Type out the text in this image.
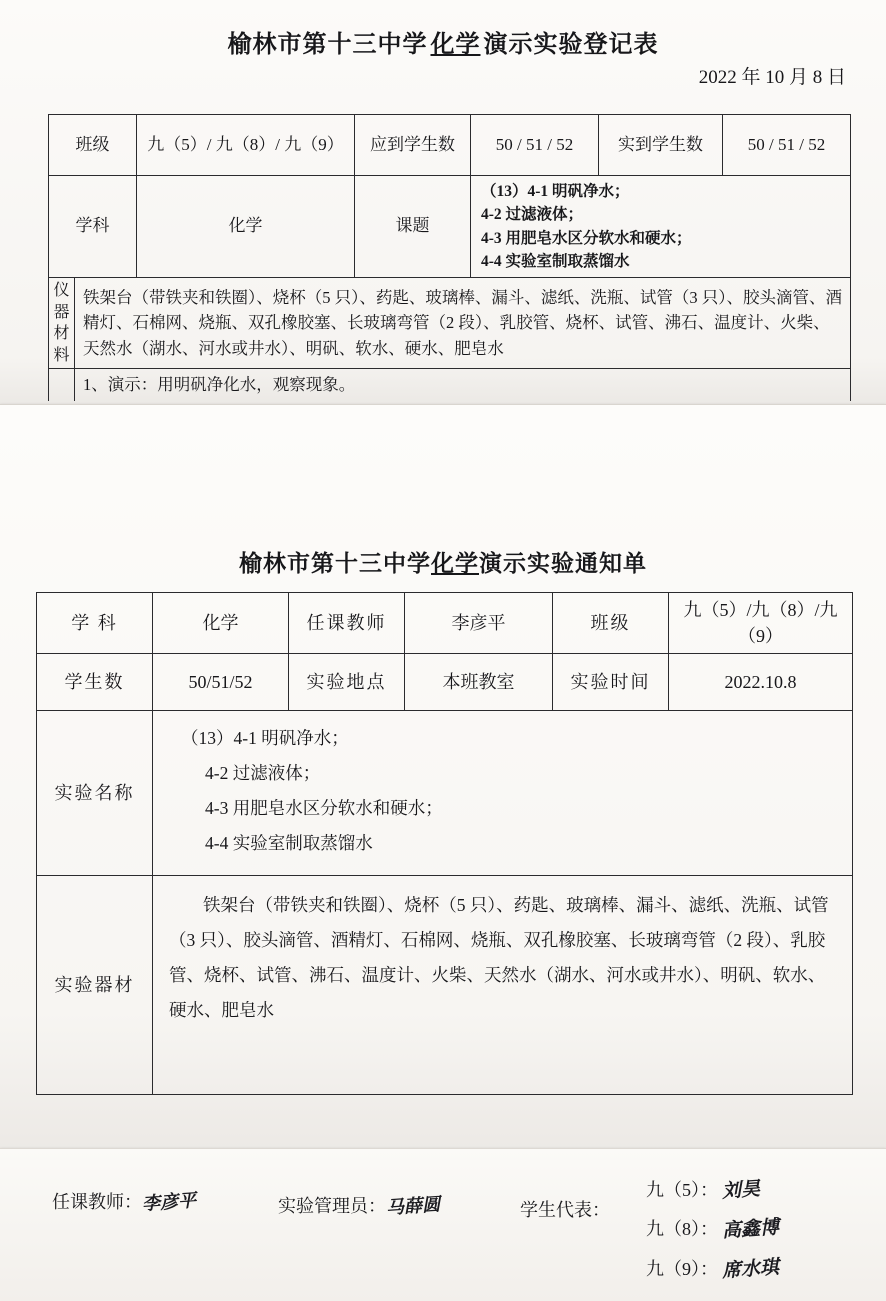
榆林市第十三中学 化学 演示实验登记表
2022 年 10 月 8 日
班级		九（5）/ 九（8）/ 九（9）	应到学生数	50 / 51 / 52	实到学生数	50 / 51 / 52
学科		化学	课题	（13）4-1 明矾净水；
4-2 过滤液体；
4-3 用肥皂水区分软水和硬水；
4-4 实验室制取蒸馏水		

仪
器
材
料	铁架台（带铁夹和铁圈）、烧杯（5 只）、药匙、玻璃棒、漏斗、滤纸、洗瓶、试管（3 只）、胶头滴管、酒精灯、石棉网、烧瓶、双孔橡胶塞、长玻璃弯管（2 段）、乳胶管、烧杯、试管、沸石、温度计、火柴、天然水（湖水、河水或井水）、明矾、软水、硬水、肥皂水					
	1、演示：用明矾净化水，观察现象。					
榆林市第十三中学化学演示实验通知单
学 科	化学	任课教师	李彦平	班级	九（5）/九（8）/九（9）
学生数	50/51/52	实验地点	本班教室	实验时间	2022.10.8
实验名称	（13）4-1 明矾净水；
4-2 过滤液体；
4-3 用肥皂水区分软水和硬水；
4-4 实验室制取蒸馏水				

实验器材	铁架台（带铁夹和铁圈）、烧杯（5 只）、药匙、玻璃棒、漏斗、滤纸、洗瓶、试管（3 只）、胶头滴管、酒精灯、石棉网、烧瓶、双孔橡胶塞、长玻璃弯管（2 段）、乳胶管、烧杯、试管、沸石、温度计、火柴、天然水（湖水、河水或井水）、明矾、软水、硬水、肥皂水				
任课教师：李彦平	实验管理员：马薛圆	学生代表：
九（5）： 刘昊
九（8）： 高鑫博
九（9）： 席水琪
